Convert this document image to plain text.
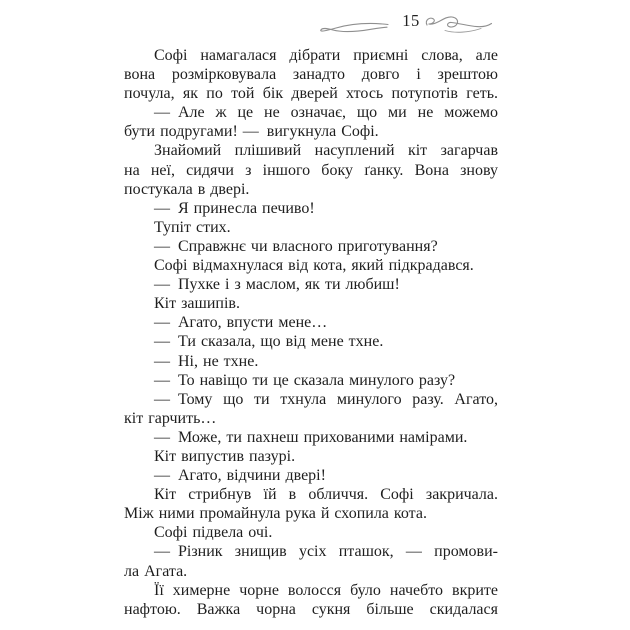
15
Софі намагалася дібрати приємні слова, але
вона розмірковувала занадто довго і зрештою
почула, як по той бік дверей хтось потупотів геть.
— Але ж це не означає, що ми не можемо
бути подругами! — вигукнула Софі.
Знайомий плішивий насуплений кіт загарчав
на неї, сидячи з іншого боку ґанку. Вона знову
постукала в двері.
— Я принесла печиво!
Тупіт стих.
— Справжнє чи власного приготування?
Софі відмахнулася від кота, який підкрадався.
— Пухке і з маслом, як ти любиш!
Кіт зашипів.
— Агато, впусти мене…
— Ти сказала, що від мене тхне.
— Ні, не тхне.
— То навіщо ти це сказала минулого разу?
— Тому що ти тхнула минулого разу. Агато,
кіт гарчить…
— Може, ти пахнеш прихованими намірами.
Кіт випустив пазурі.
— Агато, відчини двері!
Кіт стрибнув їй в обличчя. Софі закричала.
Між ними промайнула рука й схопила кота.
Софі підвела очі.
— Різник знищив усіх пташок, — промови-
ла Агата.
Її химерне чорне волосся було начебто вкрите
нафтою. Важка чорна сукня більше скидалася
